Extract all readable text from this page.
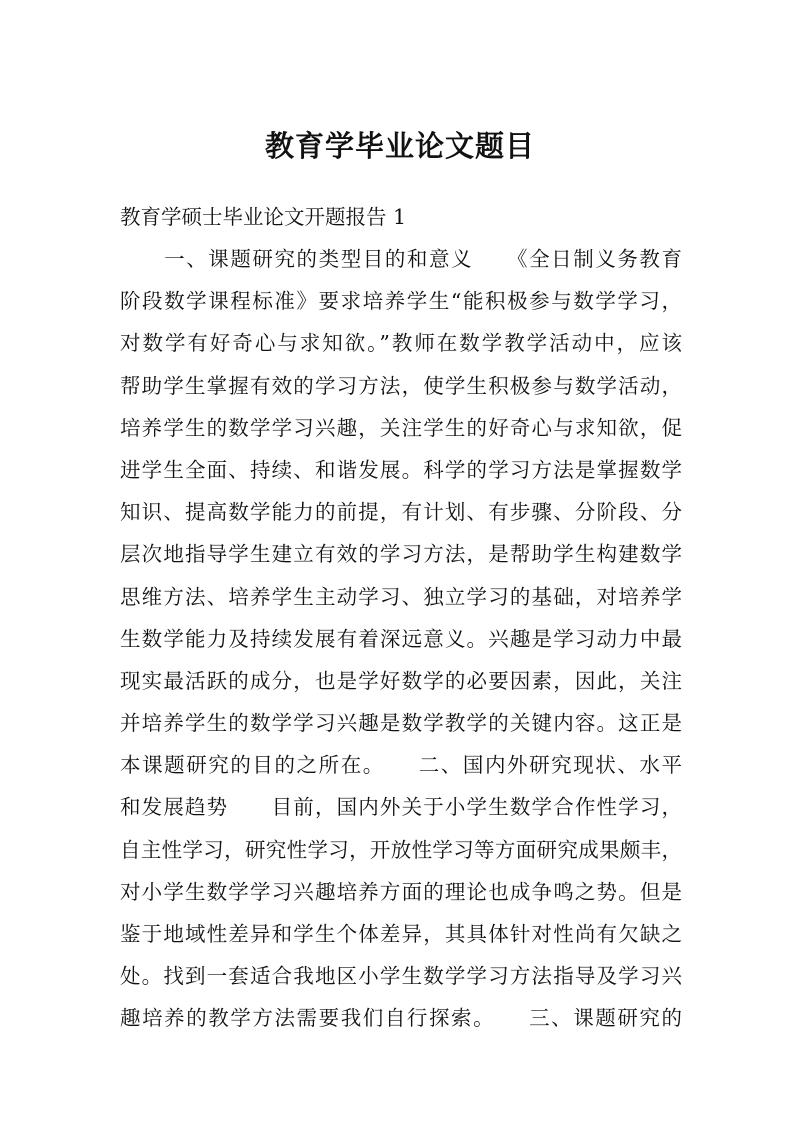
教育学毕业论文题目

教育学硕士毕业论文开题报告 1

　　一、课题研究的类型目的和意义　　《全日制义务教育
阶段数学课程标准》要求培养学生“能积极参与数学学习，
对数学有好奇心与求知欲。”教师在数学教学活动中，应该
帮助学生掌握有效的学习方法，使学生积极参与数学活动，
培养学生的数学学习兴趣，关注学生的好奇心与求知欲，促
进学生全面、持续、和谐发展。科学的学习方法是掌握数学
知识、提高数学能力的前提，有计划、有步骤、分阶段、分
层次地指导学生建立有效的学习方法，是帮助学生构建数学
思维方法、培养学生主动学习、独立学习的基础，对培养学
生数学能力及持续发展有着深远意义。兴趣是学习动力中最
现实最活跃的成分，也是学好数学的必要因素，因此，关注
并培养学生的数学学习兴趣是数学教学的关键内容。这正是
本课题研究的目的之所在。　　二、国内外研究现状、水平
和发展趋势　　目前，国内外关于小学生数学合作性学习，
自主性学习，研究性学习，开放性学习等方面研究成果颇丰，
对小学生数学学习兴趣培养方面的理论也成争鸣之势。但是
鉴于地域性差异和学生个体差异，其具体针对性尚有欠缺之
处。找到一套适合我地区小学生数学学习方法指导及学习兴
趣培养的教学方法需要我们自行探索。　　三、课题研究的
